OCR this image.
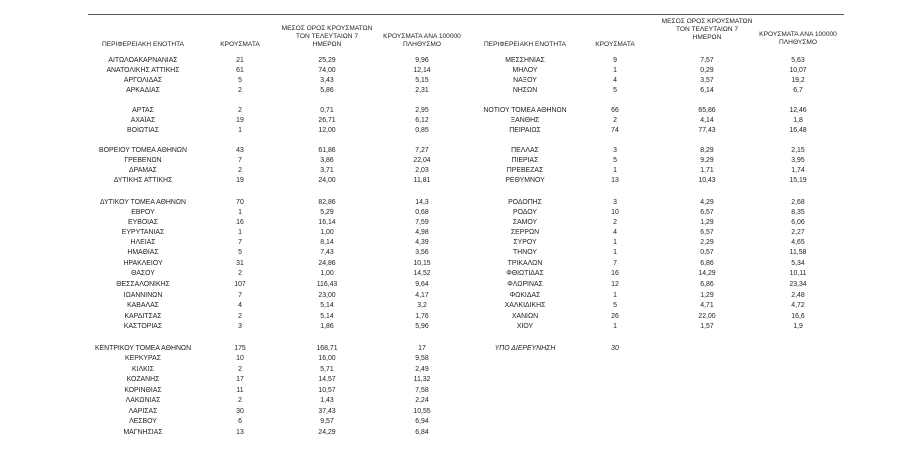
ΠΕΡΙΦΕΡΕΙΑΚΗ ΕΝΟΤΗΤΑ	ΚΡΟΥΣΜΑΤΑ
ΜΕΣΟΣ ΟΡΟΣ ΚΡΟΥΣΜΑΤΩΝ
ΤΟΝ ΤΕΛΕΥΤΑΙΩΝ 7
ΗΜΕΡΩΝ
ΚΡΟΥΣΜΑΤΑ ΑΝΑ 100000
ΠΛΗΘΥΣΜΟ	ΠΕΡΙΦΕΡΕΙΑΚΗ ΕΝΟΤΗΤΑ	ΚΡΟΥΣΜΑΤΑ
ΜΕΣΟΣ ΟΡΟΣ ΚΡΟΥΣΜΑΤΩΝ
ΤΟΝ ΤΕΛΕΥΤΑΙΩΝ 7
ΗΜΕΡΩΝ	ΚΡΟΥΣΜΑΤΑ ΑΝΑ 100000
ΠΛΗΘΥΣΜΟ
ΑΙΤΩΛΟΑΚΑΡΝΑΝΙΑΣ	21	25,29	9,96
ΑΝΑΤΟΛΙΚΗΣ ΑΤΤΙΚΗΣ	61	74,00	12,14
ΑΡΓΟΛΙΔΑΣ	5	3,43	5,15
ΑΡΚΑΔΙΑΣ	2	5,86	2,31
ΑΡΤΑΣ	2	0,71	2,95
ΑΧΑΪΑΣ	19	26,71	6,12
ΒΟΙΩΤΙΑΣ	1	12,00	0,85
ΒΟΡΕΙΟΥ ΤΟΜΕΑ ΑΘΗΝΩΝ	43	61,86	7,27
ΓΡΕΒΕΝΩΝ	7	3,86	22,04
ΔΡΑΜΑΣ	2	3,71	2,03
ΔΥΤΙΚΗΣ ΑΤΤΙΚΗΣ	19	24,00	11,81
ΔΥΤΙΚΟΥ ΤΟΜΕΑ ΑΘΗΝΩΝ	70	82,86	14,3
ΕΒΡΟΥ	1	5,29	0,68
ΕΥΒΟΙΑΣ	16	16,14	7,59
ΕΥΡΥΤΑΝΙΑΣ	1	1,00	4,98
ΗΛΕΙΑΣ	7	8,14	4,39
ΗΜΑΘΙΑΣ	5	7,43	3,56
ΗΡΑΚΛΕΙΟΥ	31	24,86	10,15
ΘΑΣΟΥ	2	1,00	14,52
ΘΕΣΣΑΛΟΝΙΚΗΣ	107	116,43	9,64
ΙΩΑΝΝΙΝΩΝ	7	23,00	4,17
ΚΑΒΑΛΑΣ	4	5,14	3,2
ΚΑΡΔΙΤΣΑΣ	2	5,14	1,76
ΚΑΣΤΟΡΙΑΣ	3	1,86	5,96
ΚΕΝΤΡΙΚΟΥ ΤΟΜΕΑ ΑΘΗΝΩΝ	175	168,71	17
ΚΕΡΚΥΡΑΣ	10	16,00	9,58
ΚΙΛΚΙΣ	2	5,71	2,49
ΚΟΖΑΝΗΣ	17	14,57	11,32
ΚΟΡΙΝΘΙΑΣ	11	10,57	7,58
ΛΑΚΩΝΙΑΣ	2	1,43	2,24
ΛΑΡΙΣΑΣ	30	37,43	10,55
ΛΕΣΒΟΥ	6	9,57	6,94
ΜΑΓΝΗΣΙΑΣ	13	24,29	6,84
ΜΕΣΣΗΝΙΑΣ	9	7,57	5,63
ΜΗΛΟΥ	1	0,29	10,07
ΝΑΞΟΥ	4	3,57	19,2
ΝΗΣΩΝ	5	6,14	6,7
ΝΟΤΙΟΥ ΤΟΜΕΑ ΑΘΗΝΩΝ	66	65,86	12,46
ΞΑΝΘΗΣ	2	4,14	1,8
ΠΕΙΡΑΙΩΣ	74	77,43	16,48
ΠΕΛΛΑΣ	3	8,29	2,15
ΠΙΕΡΙΑΣ	5	9,29	3,95
ΠΡΕΒΕΖΑΣ	1	1,71	1,74
ΡΕΘΥΜΝΟΥ	13	10,43	15,19
ΡΟΔΟΠΗΣ	3	4,29	2,68
ΡΟΔΟΥ	10	6,57	8,35
ΣΑΜΟΥ	2	1,29	6,06
ΣΕΡΡΩΝ	4	6,57	2,27
ΣΥΡΟΥ	1	2,29	4,65
ΤΗΝΟΥ	1	0,57	11,58
ΤΡΙΚΑΛΩΝ	7	6,86	5,34
ΦΘΙΩΤΙΔΑΣ	16	14,29	10,11
ΦΛΩΡΙΝΑΣ	12	6,86	23,34
ΦΩΚΙΔΑΣ	1	1,29	2,48
ΧΑΛΚΙΔΙΚΗΣ	5	4,71	4,72
ΧΑΝΙΩΝ	26	22,00	16,6
ΧΙΟΥ	1	1,57	1,9
ΥΠΟ ΔΙΕΡΕΥΝΗΣΗ	30
